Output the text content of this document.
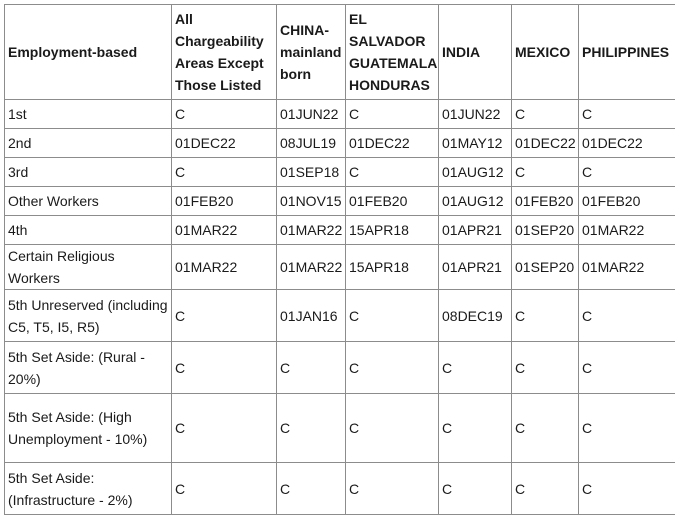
Employment-based	All Chargeability Areas Except Those Listed	CHINA-mainland born	EL SALVADOR GUATEMALA HONDURAS	INDIA	MEXICO	PHILIPPINES
1st	C	01JUN22	C	01JUN22	C	C
2nd	01DEC22	08JUL19	01DEC22	01MAY12	01DEC22	01DEC22
3rd	C	01SEP18	C	01AUG12	C	C
Other Workers	01FEB20	01NOV15	01FEB20	01AUG12	01FEB20	01FEB20
4th	01MAR22	01MAR22	15APR18	01APR21	01SEP20	01MAR22
Certain Religious Workers	01MAR22	01MAR22	15APR18	01APR21	01SEP20	01MAR22
5th Unreserved (including C5, T5, I5, R5)	C	01JAN16	C	08DEC19	C	C
5th Set Aside: (Rural - 20%)	C	C	C	C	C	C
5th Set Aside: (High Unemployment - 10%)	C	C	C	C	C	C
5th Set Aside: (Infrastructure - 2%)	C	C	C	C	C	C
